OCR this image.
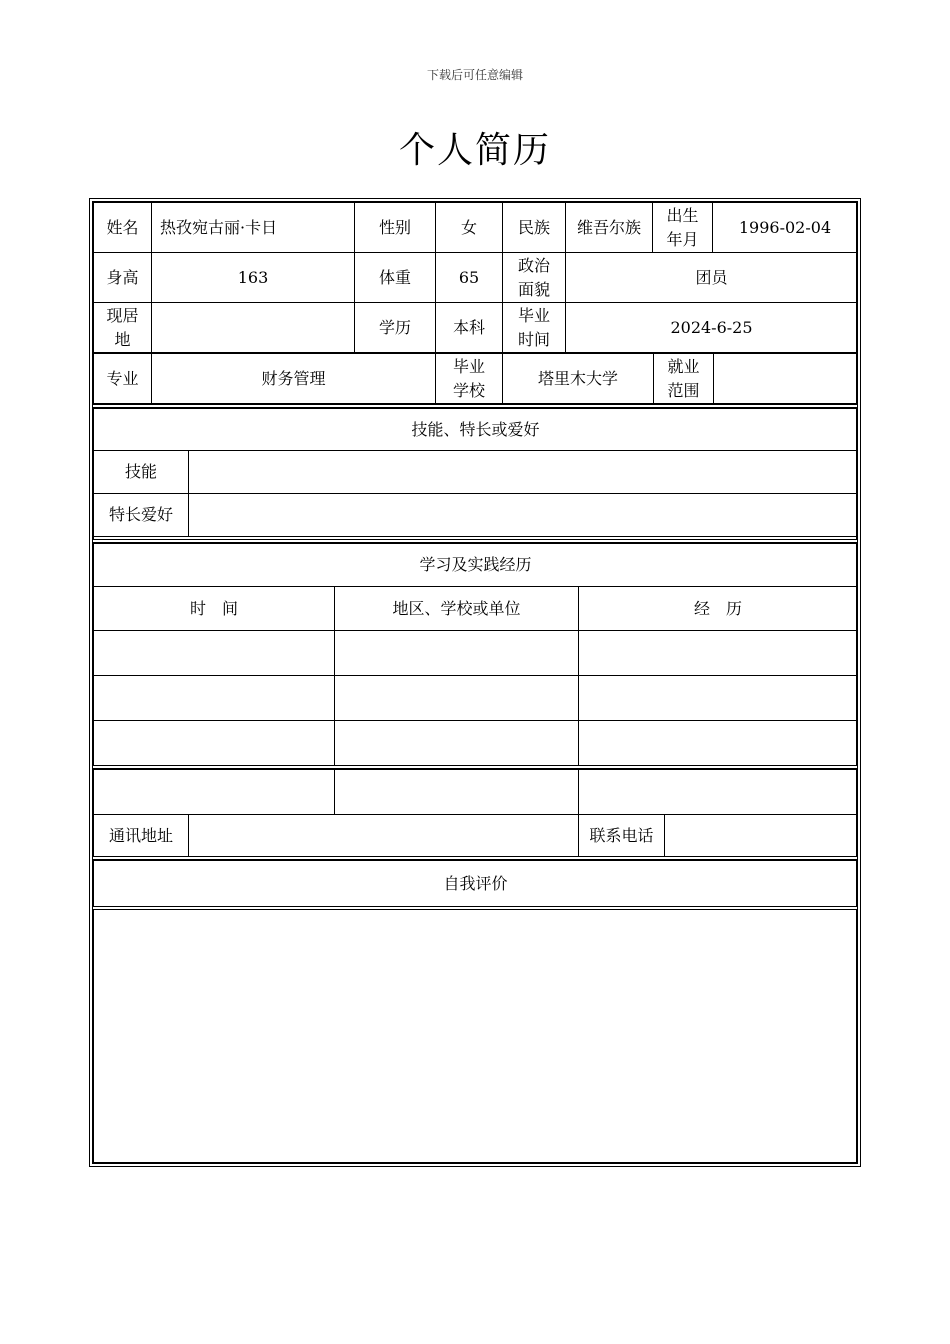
下载后可任意编辑
个人简历
姓名	热孜宛古丽·卡日	性别	女	民族	维吾尔族	出生年月	1996-02-04
身高	163	体重	65	政治面貌	团员		
现居地		学历	本科	毕业时间	2024-6-25		
专业	财务管理	毕业学校	塔里木大学	就业范围	
技能、特长或爱好	
技能	
特长爱好	
学习及实践经历		
时　间	地区、学校或单位	经　历

通讯地址		联系电话	
自我评价
